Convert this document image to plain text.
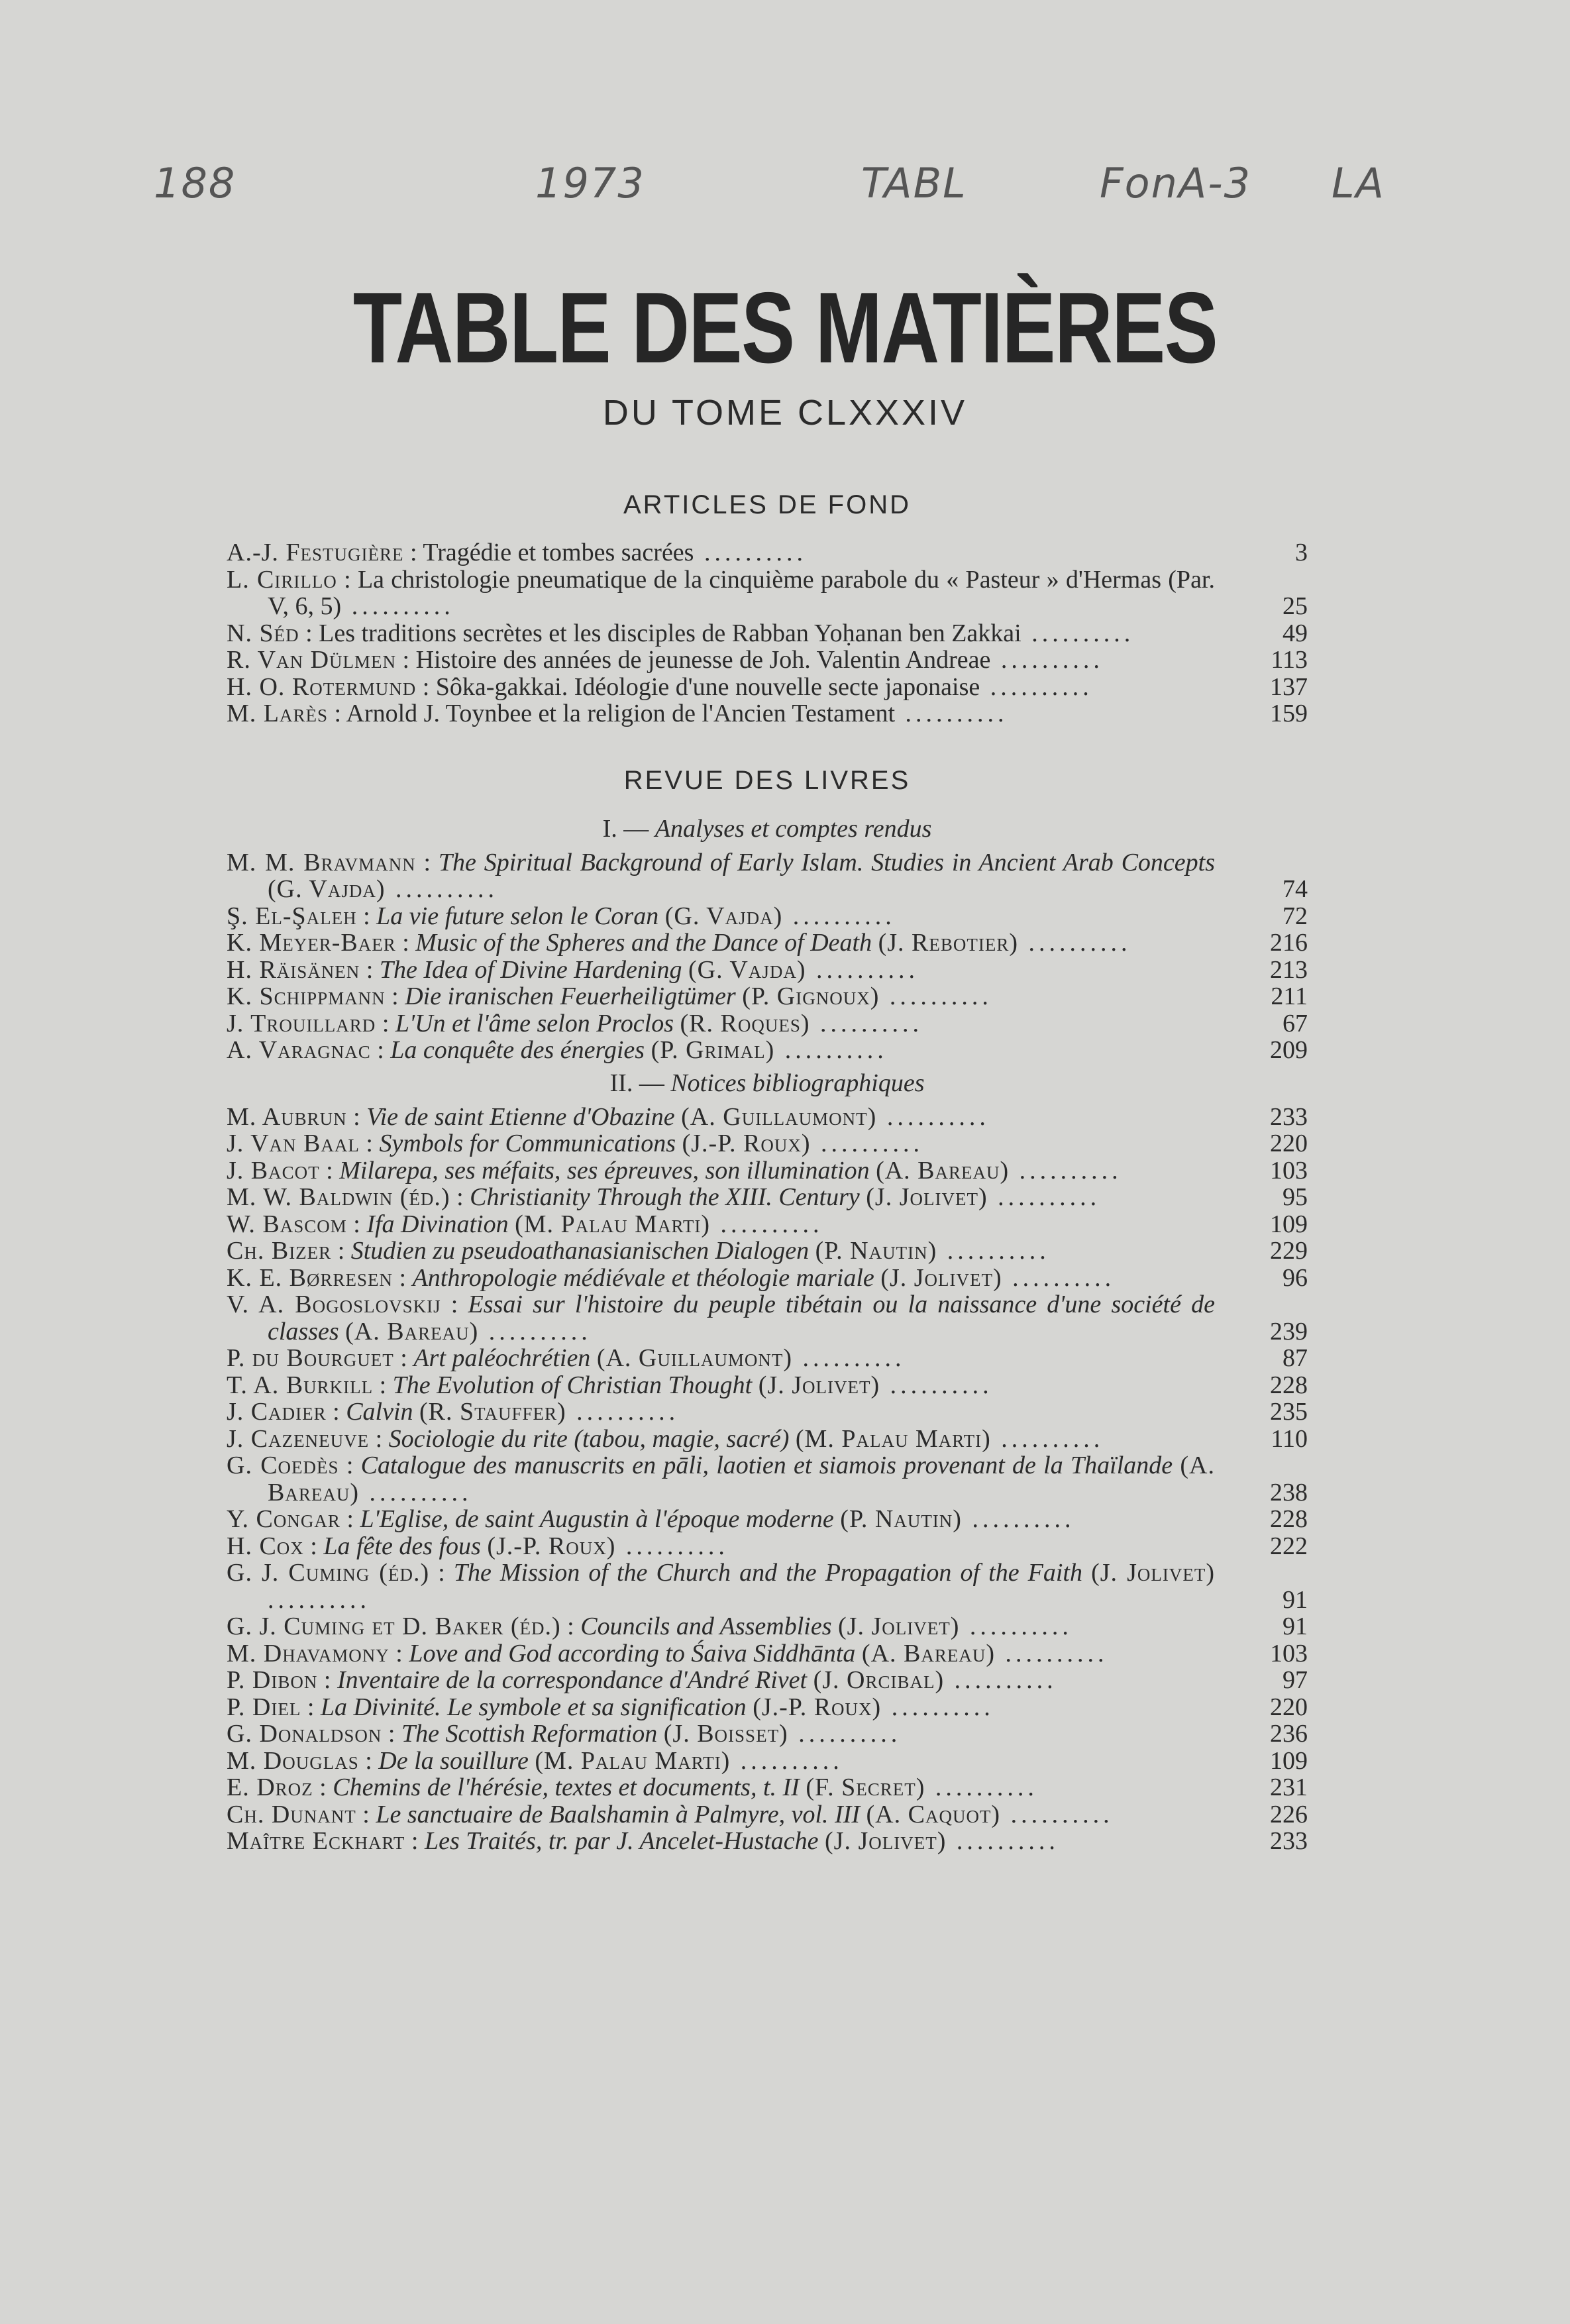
188	1973	TABL	FonA-3 LA
TABLE DES MATIÈRES
DU TOME CLXXXIV
ARTICLES DE FOND
A.-J. Festugière : Tragédie et tombes sacrées ..........	3
L. Cirillo : La christologie pneumatique de la cinquième parabole du « Pasteur » d'Hermas (Par. V, 6, 5) ..........	25
N. Séd : Les traditions secrètes et les disciples de Rabban Yoḥanan ben Zakkai ..........	49
R. Van Dülmen : Histoire des années de jeunesse de Joh. Valentin Andreae ..........	113
H. O. Rotermund : Sôka-gakkai. Idéologie d'une nouvelle secte japonaise ..........	137
M. Larès : Arnold J. Toynbee et la religion de l'Ancien Testament ..........	159
REVUE DES LIVRES
I. — Analyses et comptes rendus
M. M. Bravmann : The Spiritual Background of Early Islam. Studies in Ancient Arab Concepts (G. Vajda) ..........	74
Ş. El-Şaleh : La vie future selon le Coran (G. Vajda) ..........	72
K. Meyer-Baer : Music of the Spheres and the Dance of Death (J. Rebotier) ..........	216
H. Räisänen : The Idea of Divine Hardening (G. Vajda) ..........	213
K. Schippmann : Die iranischen Feuerheiligtümer (P. Gignoux) ..........	211
J. Trouillard : L'Un et l'âme selon Proclos (R. Roques) ..........	67
A. Varagnac : La conquête des énergies (P. Grimal) ..........	209
II. — Notices bibliographiques
M. Aubrun : Vie de saint Etienne d'Obazine (A. Guillaumont) ..........	233
J. Van Baal : Symbols for Communications (J.-P. Roux) ..........	220
J. Bacot : Milarepa, ses méfaits, ses épreuves, son illumination (A. Bareau) ..........	103
M. W. Baldwin (éd.) : Christianity Through the XIII. Century (J. Jolivet) ..........	95
W. Bascom : Ifa Divination (M. Palau Marti) ..........	109
Ch. Bizer : Studien zu pseudoathanasianischen Dialogen (P. Nautin) ..........	229
K. E. Børresen : Anthropologie médiévale et théologie mariale (J. Jolivet) ..........	96
V. A. Bogoslovskij : Essai sur l'histoire du peuple tibétain ou la naissance d'une société de classes (A. Bareau) ..........	239
P. du Bourguet : Art paléochrétien (A. Guillaumont) ..........	87
T. A. Burkill : The Evolution of Christian Thought (J. Jolivet) ..........	228
J. Cadier : Calvin (R. Stauffer) ..........	235
J. Cazeneuve : Sociologie du rite (tabou, magie, sacré) (M. Palau Marti) ..........	110
G. Coedès : Catalogue des manuscrits en pāli, laotien et siamois provenant de la Thaïlande (A. Bareau) ..........	238
Y. Congar : L'Eglise, de saint Augustin à l'époque moderne (P. Nautin) ..........	228
H. Cox : La fête des fous (J.-P. Roux) ..........	222
G. J. Cuming (éd.) : The Mission of the Church and the Propagation of the Faith (J. Jolivet) ..........	91
G. J. Cuming et D. Baker (éd.) : Councils and Assemblies (J. Jolivet) ..........	91
M. Dhavamony : Love and God according to Śaiva Siddhānta (A. Bareau) ..........	103
P. Dibon : Inventaire de la correspondance d'André Rivet (J. Orcibal) ..........	97
P. Diel : La Divinité. Le symbole et sa signification (J.-P. Roux) ..........	220
G. Donaldson : The Scottish Reformation (J. Boisset) ..........	236
M. Douglas : De la souillure (M. Palau Marti) ..........	109
E. Droz : Chemins de l'hérésie, textes et documents, t. II (F. Secret) ..........	231
Ch. Dunant : Le sanctuaire de Baalshamin à Palmyre, vol. III (A. Caquot) ..........	226
Maître Eckhart : Les Traités, tr. par J. Ancelet-Hustache (J. Jolivet) ..........	233
